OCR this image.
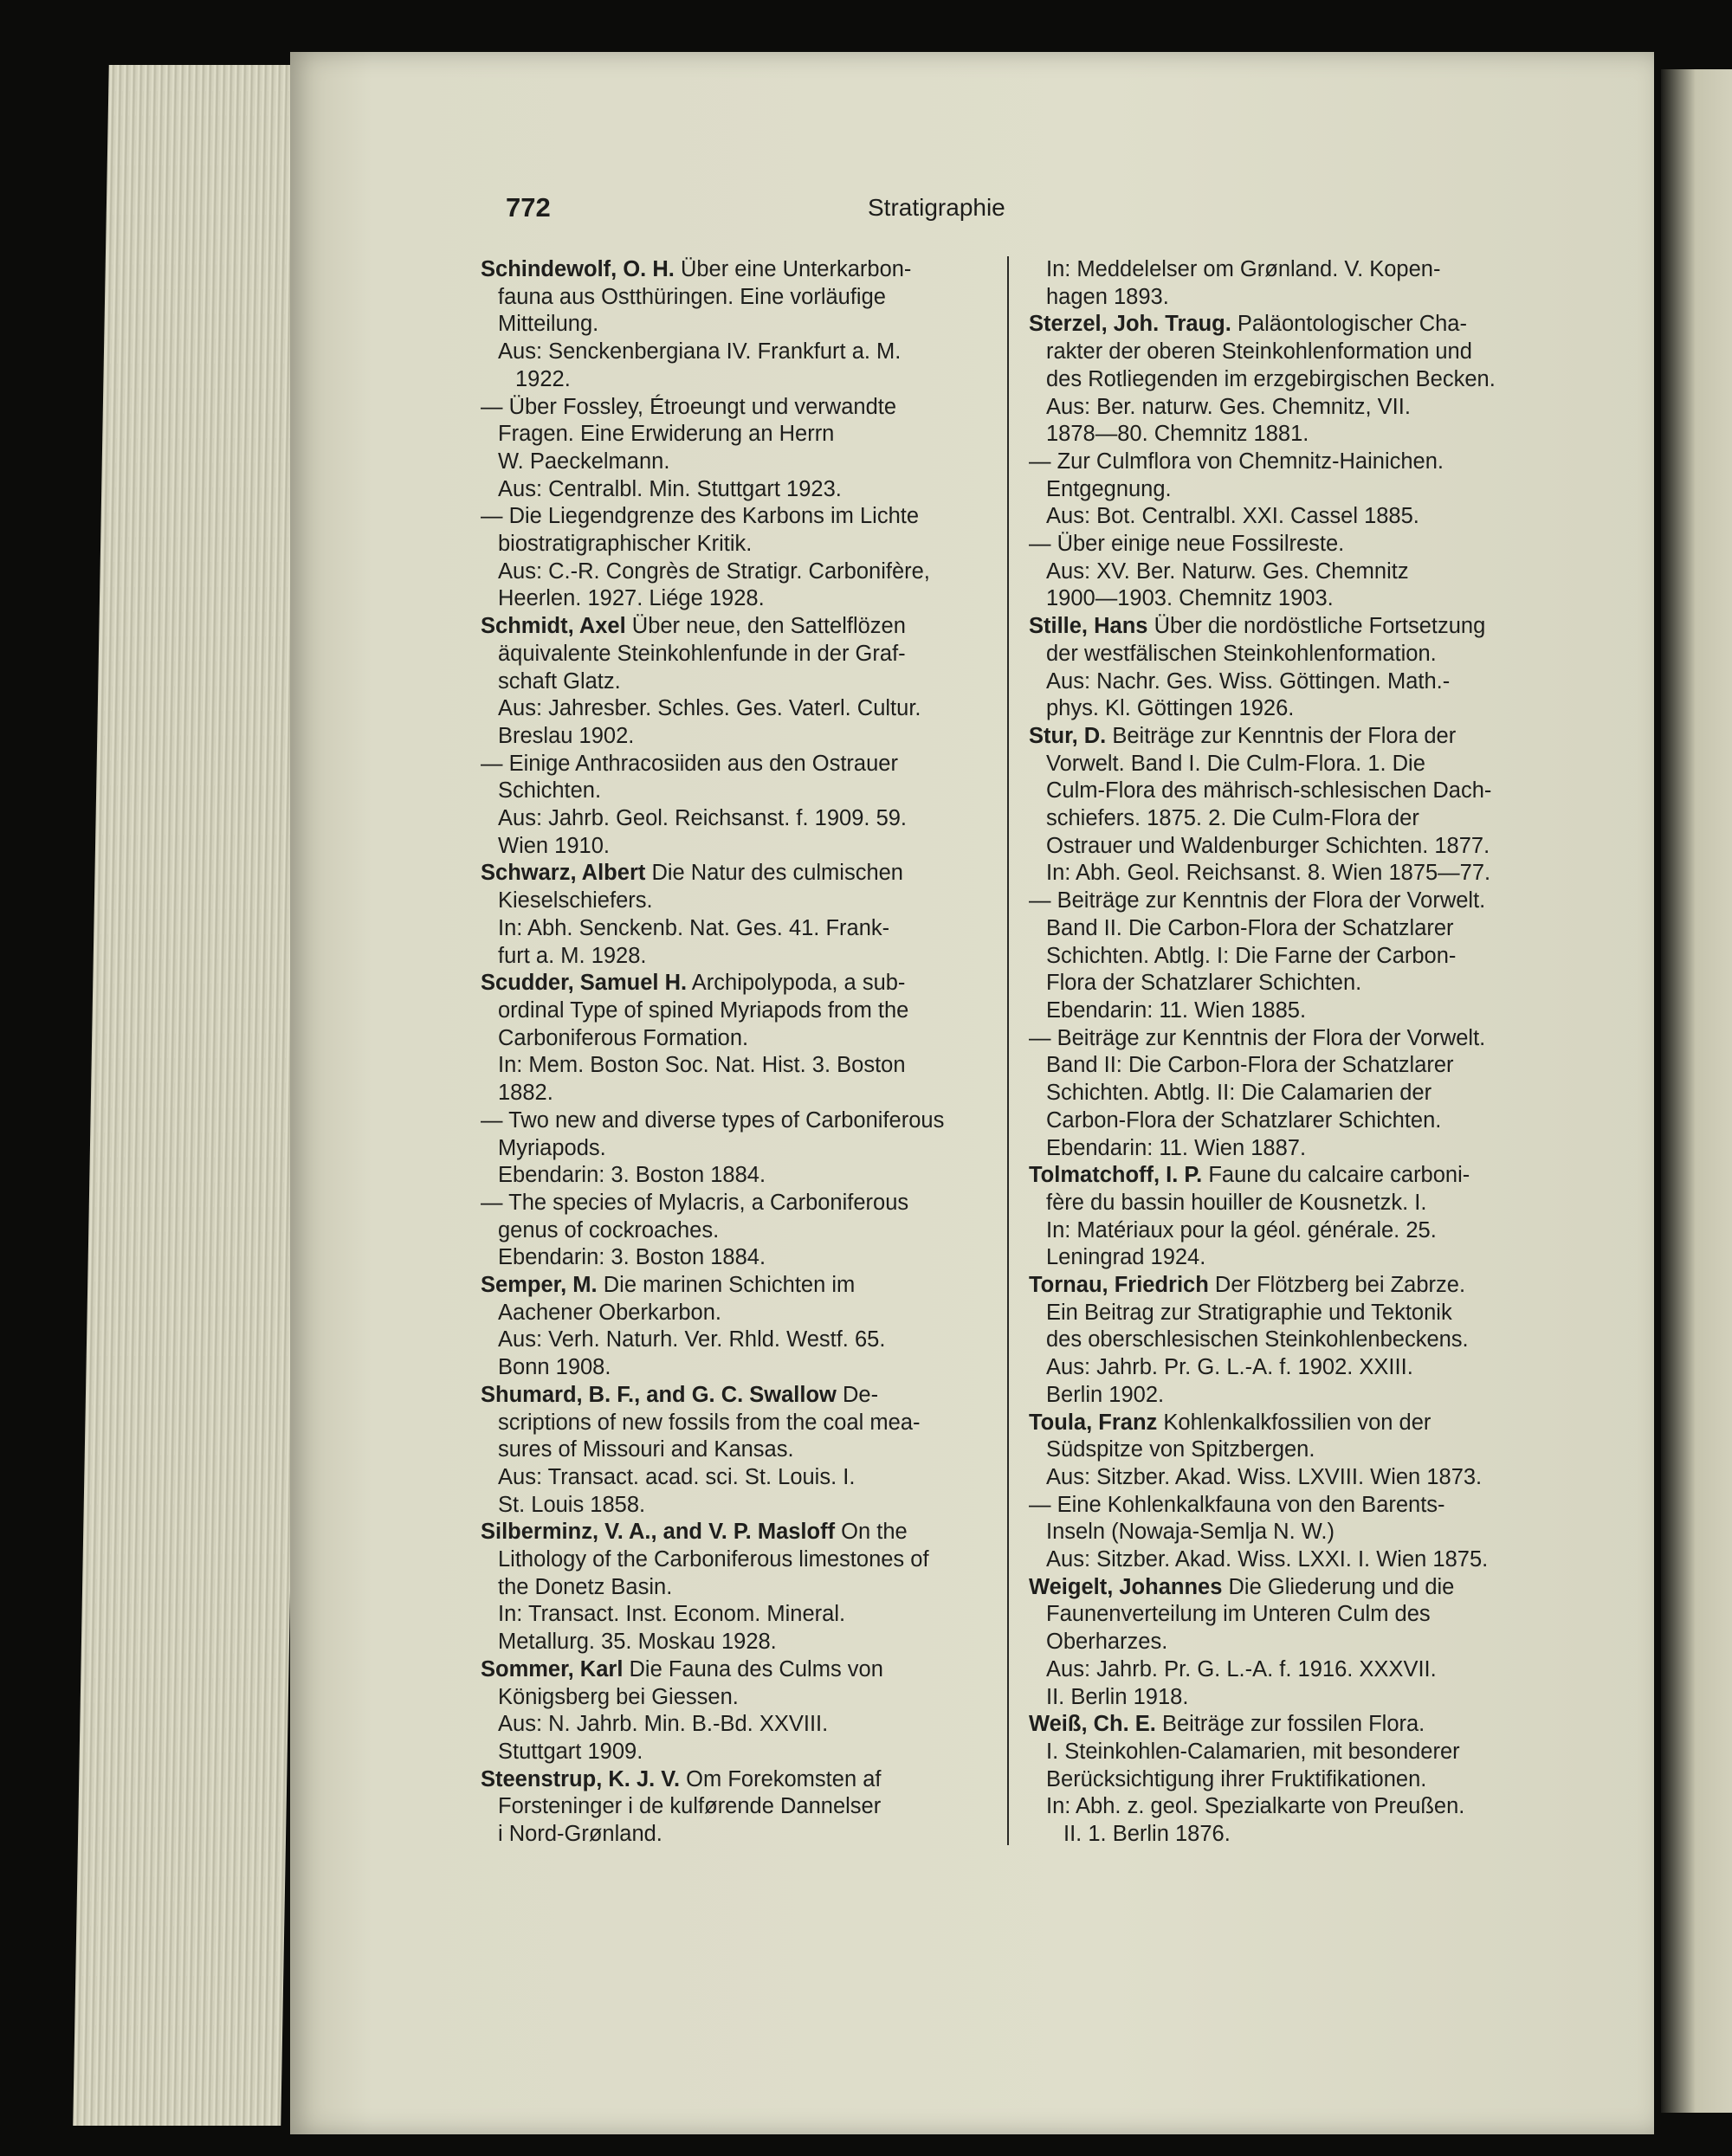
772	Stratigraphie
Schindewolf, O. H. Über eine Unterkarbon-
fauna aus Ostthüringen. Eine vorläufige
Mitteilung.
Aus: Senckenbergiana IV. Frankfurt a. M.
1922.
— Über Fossley, Étroeungt und verwandte
Fragen. Eine Erwiderung an Herrn
W. Paeckelmann.
Aus: Centralbl. Min. Stuttgart 1923.
— Die Liegendgrenze des Karbons im Lichte
biostratigraphischer Kritik.
Aus: C.-R. Congrès de Stratigr. Carbonifère,
Heerlen. 1927. Liége 1928.
Schmidt, Axel Über neue, den Sattelflözen
äquivalente Steinkohlenfunde in der Graf-
schaft Glatz.
Aus: Jahresber. Schles. Ges. Vaterl. Cultur.
Breslau 1902.
— Einige Anthracosiiden aus den Ostrauer
Schichten.
Aus: Jahrb. Geol. Reichsanst. f. 1909. 59.
Wien 1910.
Schwarz, Albert Die Natur des culmischen
Kieselschiefers.
In: Abh. Senckenb. Nat. Ges. 41. Frank-
furt a. M. 1928.
Scudder, Samuel H. Archipolypoda, a sub-
ordinal Type of spined Myriapods from the
Carboniferous Formation.
In: Mem. Boston Soc. Nat. Hist. 3. Boston
1882.
— Two new and diverse types of Carboniferous
Myriapods.
Ebendarin: 3. Boston 1884.
— The species of Mylacris, a Carboniferous
genus of cockroaches.
Ebendarin: 3. Boston 1884.
Semper, M. Die marinen Schichten im
Aachener Oberkarbon.
Aus: Verh. Naturh. Ver. Rhld. Westf. 65.
Bonn 1908.
Shumard, B. F., and G. C. Swallow De-
scriptions of new fossils from the coal mea-
sures of Missouri and Kansas.
Aus: Transact. acad. sci. St. Louis. I.
St. Louis 1858.
Silberminz, V. A., and V. P. Masloff On the
Lithology of the Carboniferous limestones of
the Donetz Basin.
In: Transact. Inst. Econom. Mineral.
Metallurg. 35. Moskau 1928.
Sommer, Karl Die Fauna des Culms von
Königsberg bei Giessen.
Aus: N. Jahrb. Min. B.-Bd. XXVIII.
Stuttgart 1909.
Steenstrup, K. J. V. Om Forekomsten af
Forsteninger i de kulførende Dannelser
i Nord-Grønland.
In: Meddelelser om Grønland. V. Kopen-
hagen 1893.
Sterzel, Joh. Traug. Paläontologischer Cha-
rakter der oberen Steinkohlenformation und
des Rotliegenden im erzgebirgischen Becken.
Aus: Ber. naturw. Ges. Chemnitz, VII.
1878—80. Chemnitz 1881.
— Zur Culmflora von Chemnitz-Hainichen.
Entgegnung.
Aus: Bot. Centralbl. XXI. Cassel 1885.
— Über einige neue Fossilreste.
Aus: XV. Ber. Naturw. Ges. Chemnitz
1900—1903. Chemnitz 1903.
Stille, Hans Über die nordöstliche Fortsetzung
der westfälischen Steinkohlenformation.
Aus: Nachr. Ges. Wiss. Göttingen. Math.-
phys. Kl. Göttingen 1926.
Stur, D. Beiträge zur Kenntnis der Flora der
Vorwelt. Band I. Die Culm-Flora. 1. Die
Culm-Flora des mährisch-schlesischen Dach-
schiefers. 1875. 2. Die Culm-Flora der
Ostrauer und Waldenburger Schichten. 1877.
In: Abh. Geol. Reichsanst. 8. Wien 1875—77.
— Beiträge zur Kenntnis der Flora der Vorwelt.
Band II. Die Carbon-Flora der Schatzlarer
Schichten. Abtlg. I: Die Farne der Carbon-
Flora der Schatzlarer Schichten.
Ebendarin: 11. Wien 1885.
— Beiträge zur Kenntnis der Flora der Vorwelt.
Band II: Die Carbon-Flora der Schatzlarer
Schichten. Abtlg. II: Die Calamarien der
Carbon-Flora der Schatzlarer Schichten.
Ebendarin: 11. Wien 1887.
Tolmatchoff, I. P. Faune du calcaire carboni-
fère du bassin houiller de Kousnetzk. I.
In: Matériaux pour la géol. générale. 25.
Leningrad 1924.
Tornau, Friedrich Der Flötzberg bei Zabrze.
Ein Beitrag zur Stratigraphie und Tektonik
des oberschlesischen Steinkohlenbeckens.
Aus: Jahrb. Pr. G. L.-A. f. 1902. XXIII.
Berlin 1902.
Toula, Franz Kohlenkalkfossilien von der
Südspitze von Spitzbergen.
Aus: Sitzber. Akad. Wiss. LXVIII. Wien 1873.
— Eine Kohlenkalkfauna von den Barents-
Inseln (Nowaja-Semlja N. W.)
Aus: Sitzber. Akad. Wiss. LXXI. I. Wien 1875.
Weigelt, Johannes Die Gliederung und die
Faunenverteilung im Unteren Culm des
Oberharzes.
Aus: Jahrb. Pr. G. L.-A. f. 1916. XXXVII.
II. Berlin 1918.
Weiß, Ch. E. Beiträge zur fossilen Flora.
I. Steinkohlen-Calamarien, mit besonderer
Berücksichtigung ihrer Fruktifikationen.
In: Abh. z. geol. Spezialkarte von Preußen.
II. 1. Berlin 1876.
